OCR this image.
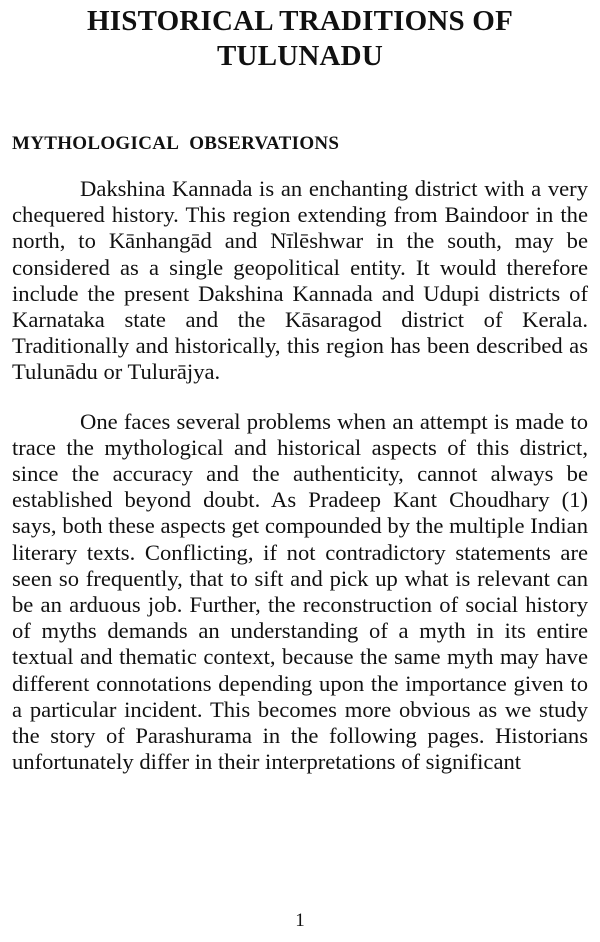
HISTORICAL TRADITIONS OF
TULUNADU
MYTHOLOGICAL OBSERVATIONS

Dakshina Kannada is an enchanting district with a very chequered history. This region extending from Baindoor in the north, to Kānhangād and Nīlēshwar in the south, may be considered as a single geopolitical entity. It would therefore include the present Dakshina Kannada and Udupi districts of Karnataka state and the Kāsaragod district of Kerala. Traditionally and historically, this region has been described as Tulunādu or Tulurājya.

One faces several problems when an attempt is made to trace the mythological and historical aspects of this district, since the accuracy and the authenticity, cannot always be established beyond doubt. As Pradeep Kant Choudhary (1) says, both these aspects get compounded by the multiple Indian literary texts. Conflicting, if not contradictory statements are seen so frequently, that to sift and pick up what is relevant can be an arduous job. Further, the reconstruction of social history of myths demands an understanding of a myth in its entire textual and thematic context, because the same myth may have different connotations depending upon the importance given to a particular incident. This becomes more obvious as we study the story of Parashurama in the following pages. Historians unfortunately differ in their interpretations of significant

1
